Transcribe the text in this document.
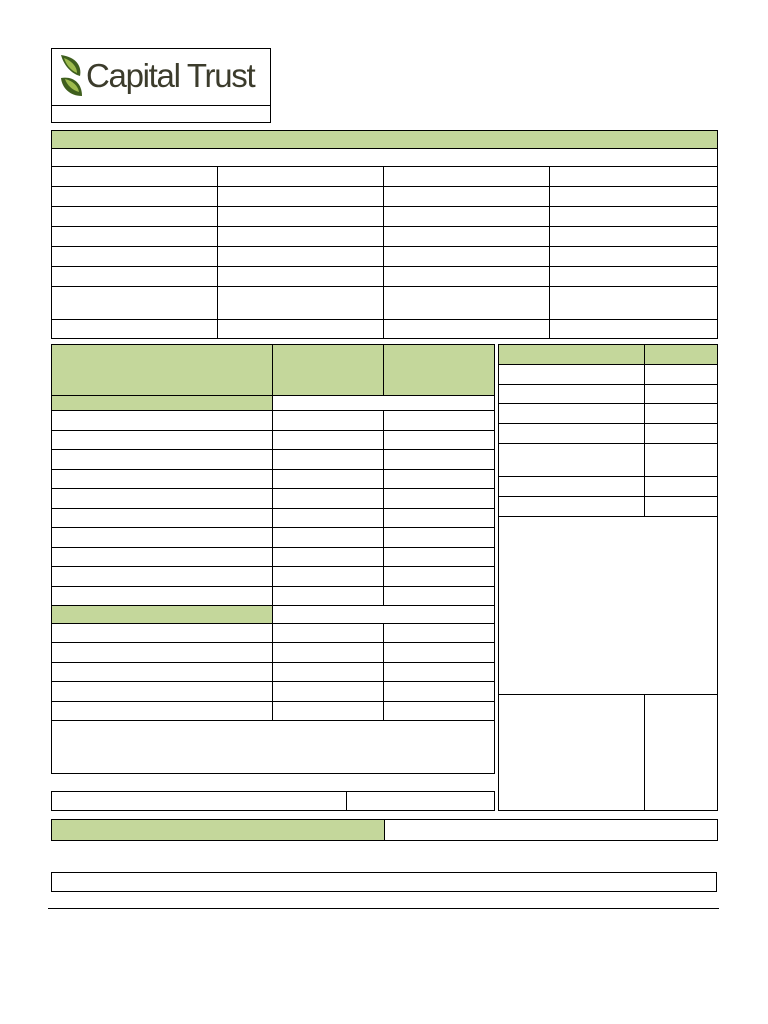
Capital Trust
